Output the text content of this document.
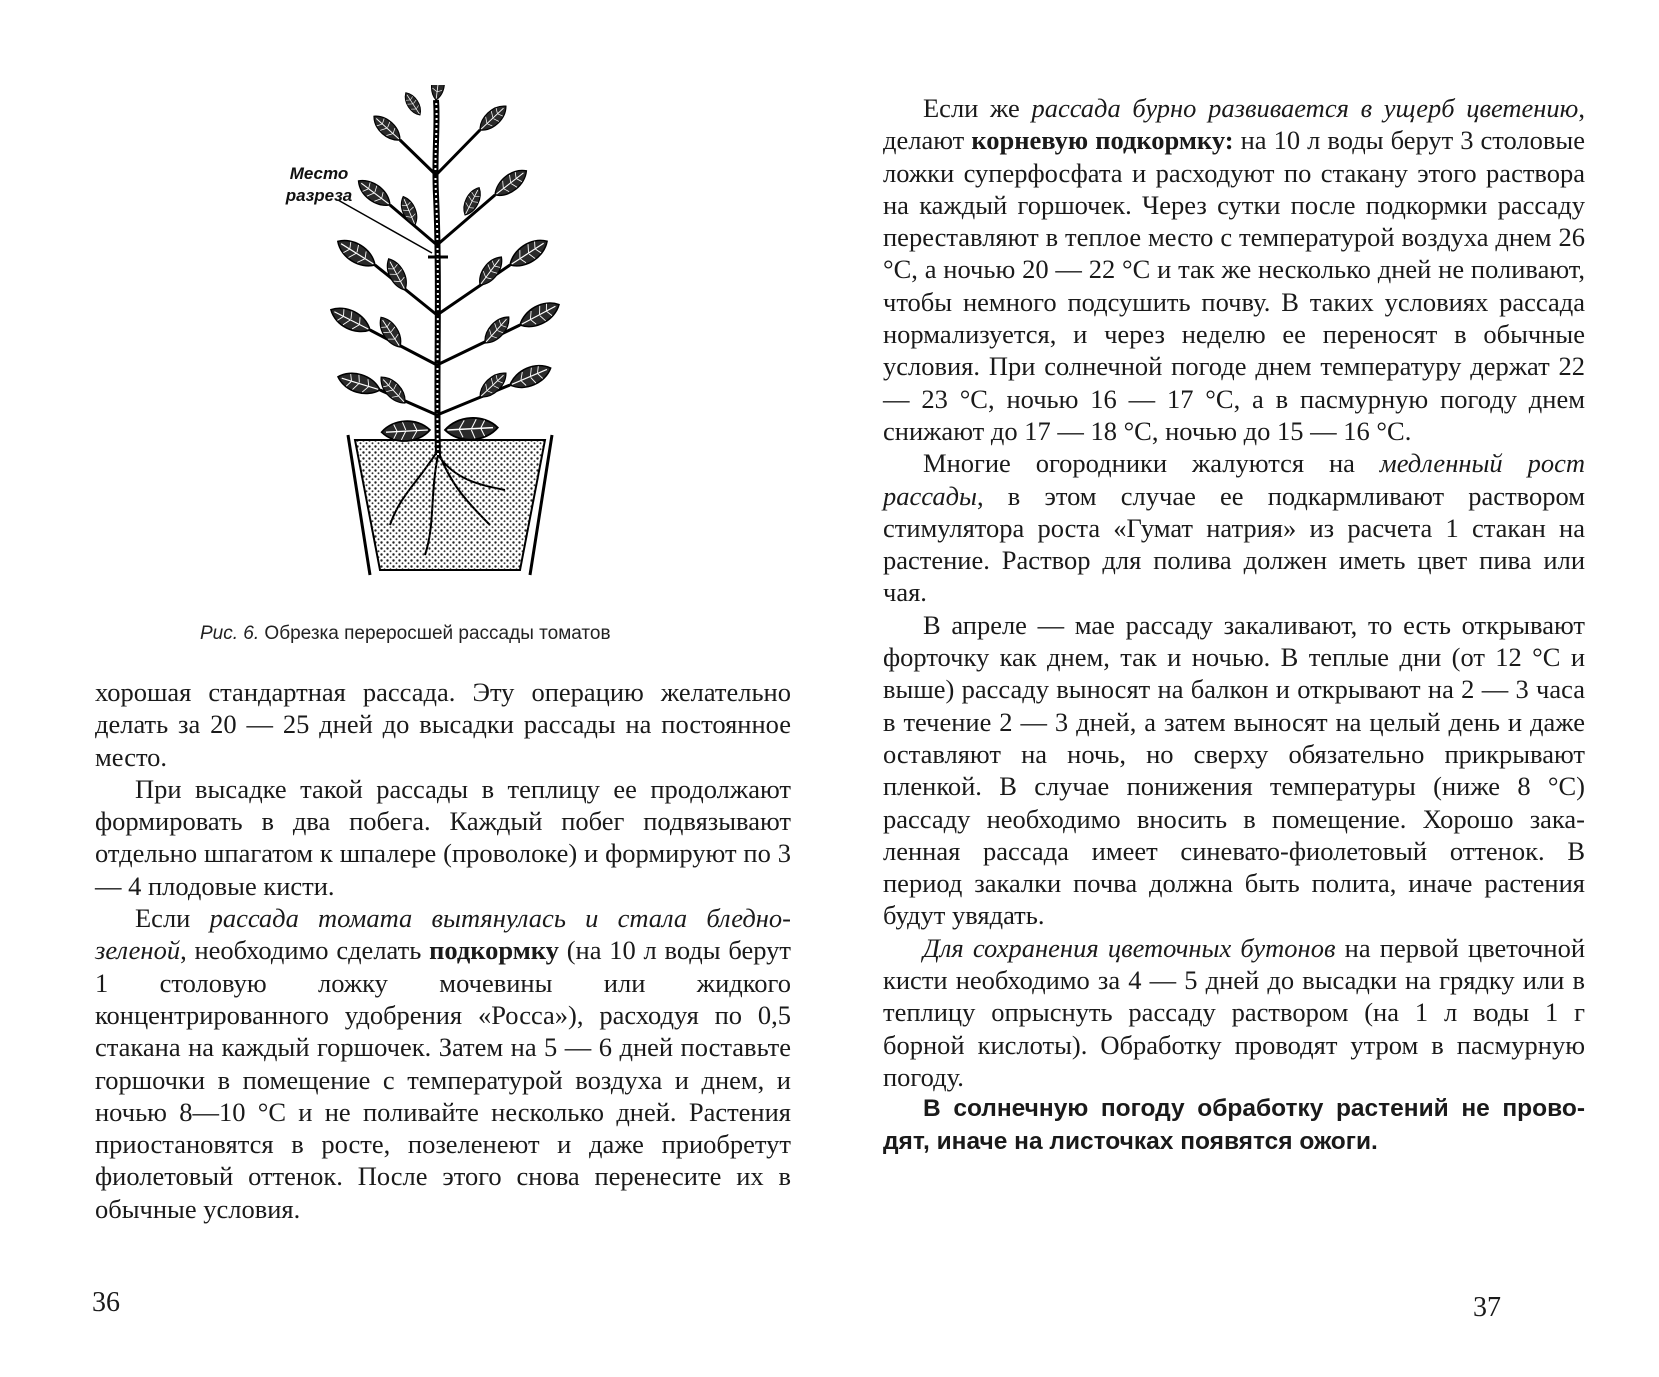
Место
разреза
Рис. 6. Обрезка переросшей рассады томатов

хорошая стандартная рассада. Эту операцию желательно делать за 20 — 25 дней до высадки рассады на постоянное место.

При высадке такой рассады в теплицу ее продолжают формировать в два побега. Каждый побег подвязывают отдельно шпагатом к шпалере (проволоке) и формируют по 3 — 4 плодовые кисти.

Если рассада томата вытянулась и стала бледно-зеленой, необходимо сделать подкормку (на 10 л воды берут 1 столовую ложку мочевины или жидкого концентрированного удобрения «Росса»), расходуя по 0,5 стакана на каждый горшочек. Затем на 5 — 6 дней поставьте горшочки в помещение с температурой воздуха и днем, и ночью 8—10 °С и не поливайте несколько дней. Растения приостановятся в росте, позеленеют и даже приобретут фиолетовый оттенок. После этого снова перенесите их в обычные условия.

36

Если же рассада бурно развивается в ущерб цветению, делают корневую подкормку: на 10 л воды берут 3 столовые ложки суперфосфата и расходуют по стакану этого раствора на каждый горшочек. Через сутки после подкормки рассаду переставляют в теплое место с температурой воздуха днем 26 °С, а ночью 20 — 22 °С и так же несколько дней не поливают, чтобы немного подсушить почву. В таких условиях рассада нормализуется, и через неделю ее переносят в обычные условия. При солнечной погоде днем температуру держат 22 — 23 °С, ночью 16 — 17 °С, а в пасмурную погоду днем снижают до 17 — 18 °С, ночью до 15 — 16 °С.

Многие огородники жалуются на медленный рост рассады, в этом случае ее подкармливают раствором стимулятора роста «Гумат натрия» из расчета 1 стакан на растение. Раствор для полива должен иметь цвет пива или чая.

В апреле — мае рассаду закаливают, то есть открывают форточку как днем, так и ночью. В теплые дни (от 12 °С и выше) рассаду выносят на балкон и открывают на 2 — 3 часа в течение 2 — 3 дней, а затем выносят на целый день и даже оставляют на ночь, но сверху обязательно прикрывают пленкой. В случае понижения температуры (ниже 8 °С) рассаду необходимо вносить в помещение. Хорошо закаленная рассада имеет синевато-фиолетовый оттенок. В период закалки почва должна быть полита, иначе растения будут увядать.

Для сохранения цветочных бутонов на первой цветочной кисти необходимо за 4 — 5 дней до высадки на грядку или в теплицу опрыснуть рассаду раствором (на 1 л воды 1 г борной кислоты). Обработку проводят утром в пасмурную погоду.

В солнечную погоду обработку растений не проводят, иначе на листочках появятся ожоги.

37
